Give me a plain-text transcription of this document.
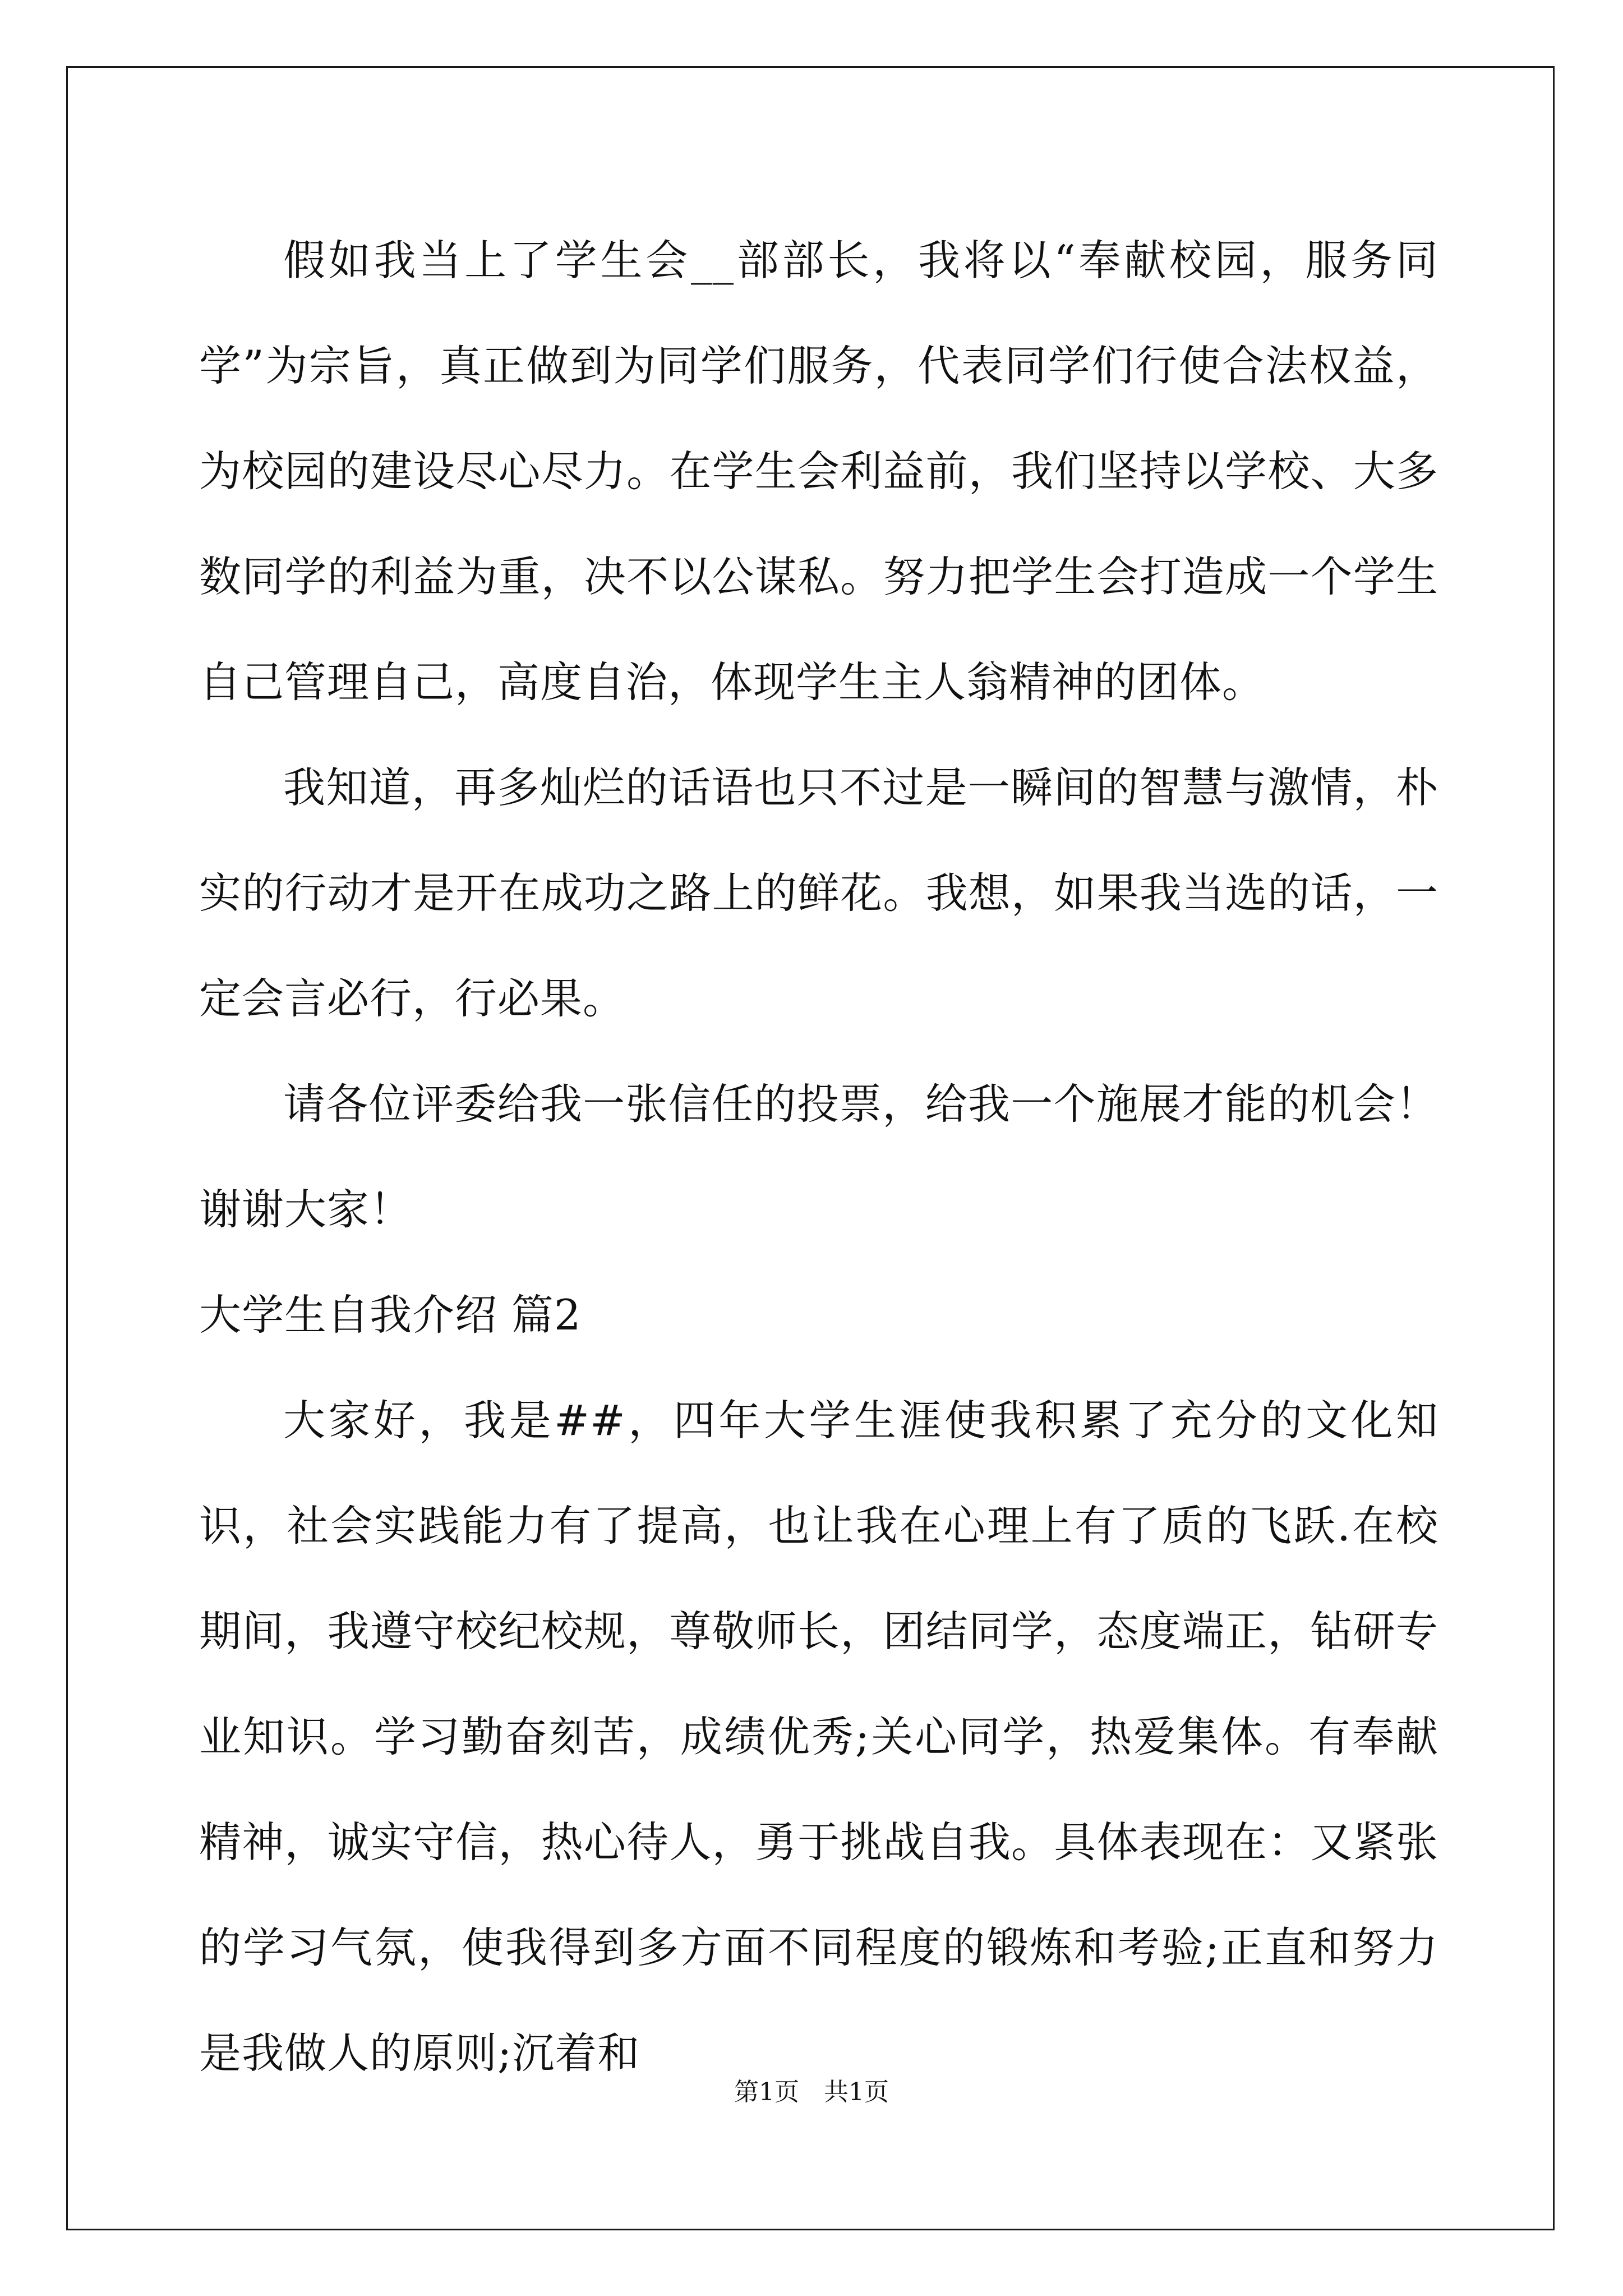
假如我当上了学生会__部部长，我将以“奉献校园，服务同学”为宗旨，真正做到为同学们服务，代表同学们行使合法权益，为校园的建设尽心尽力。在学生会利益前，我们坚持以学校、大多数同学的利益为重，决不以公谋私。努力把学生会打造成一个学生自己管理自己，高度自治，体现学生主人翁精神的团体。

我知道，再多灿烂的话语也只不过是一瞬间的智慧与激情，朴实的行动才是开在成功之路上的鲜花。我想，如果我当选的话，一定会言必行，行必果。

请各位评委给我一张信任的投票，给我一个施展才能的机会！谢谢大家！

大学生自我介绍 篇2

大家好，我是##，四年大学生涯使我积累了充分的文化知识，社会实践能力有了提高，也让我在心理上有了质的飞跃.在校期间，我遵守校纪校规，尊敬师长，团结同学，态度端正，钻研专业知识。学习勤奋刻苦，成绩优秀;关心同学，热爱集体。有奉献精神，诚实守信，热心待人，勇于挑战自我。具体表现在：又紧张的学习气氛，使我得到多方面不同程度的锻炼和考验;正直和努力是我做人的原则;沉着和

第1页　共1页
